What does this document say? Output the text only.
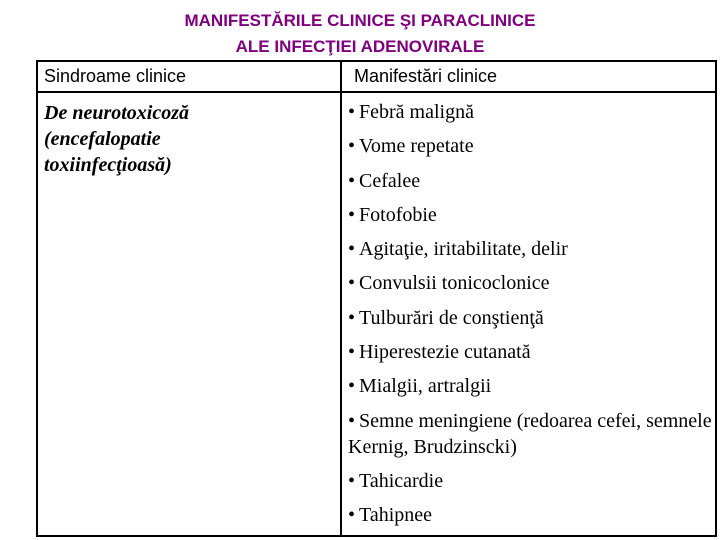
MANIFESTĂRILE CLINICE ŞI PARACLINICE
ALE INFECŢIEI ADENOVIRALE
Sindroame clinice	Manifestări clinice
De neurotoxicoză
(encefalopatie
toxiinfecţioasă)
• Febră malignă
• Vome repetate
• Cefalee
• Fotofobie
• Agitaţie, iritabilitate, delir
• Convulsii tonicoclonice
• Tulburări de conştienţă
• Hiperestezie cutanată
• Mialgii, artralgii
• Semne meningiene (redoarea cefei, semnele Kernig, Brudzinscki)
• Tahicardie
• Tahipnee
